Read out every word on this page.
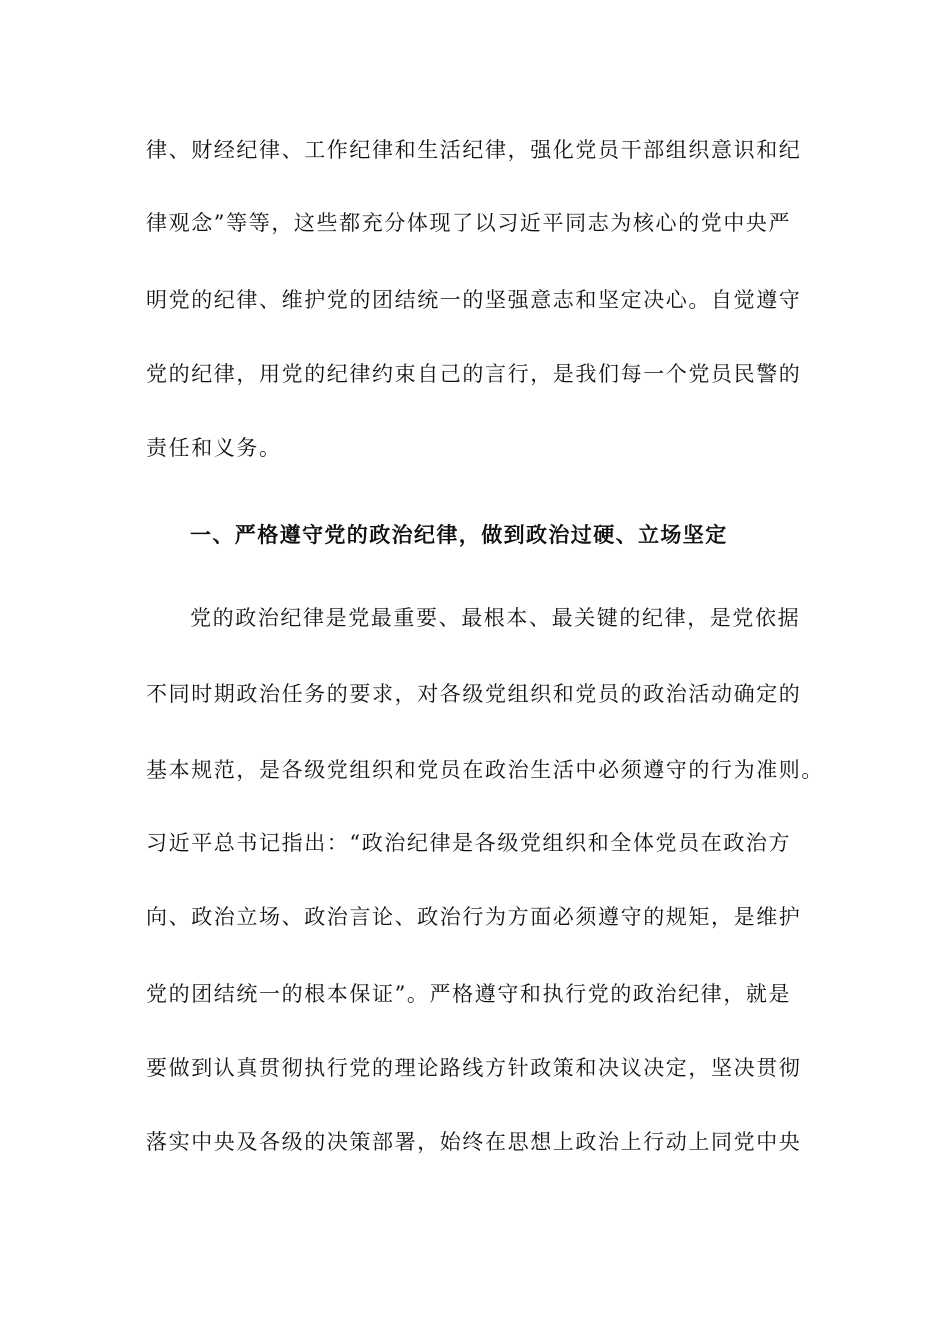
律、财经纪律、工作纪律和生活纪律，强化党员干部组织意识和纪
律观念”等等，这些都充分体现了以习近平同志为核心的党中央严
明党的纪律、维护党的团结统一的坚强意志和坚定决心。自觉遵守
党的纪律，用党的纪律约束自己的言行，是我们每一个党员民警的
责任和义务。
一、严格遵守党的政治纪律，做到政治过硬、立场坚定
党的政治纪律是党最重要、最根本、最关键的纪律，是党依据
不同时期政治任务的要求，对各级党组织和党员的政治活动确定的
基本规范，是各级党组织和党员在政治生活中必须遵守的行为准则。
习近平总书记指出：“政治纪律是各级党组织和全体党员在政治方
向、政治立场、政治言论、政治行为方面必须遵守的规矩，是维护
党的团结统一的根本保证”。严格遵守和执行党的政治纪律，就是
要做到认真贯彻执行党的理论路线方针政策和决议决定，坚决贯彻
落实中央及各级的决策部署，始终在思想上政治上行动上同党中央
